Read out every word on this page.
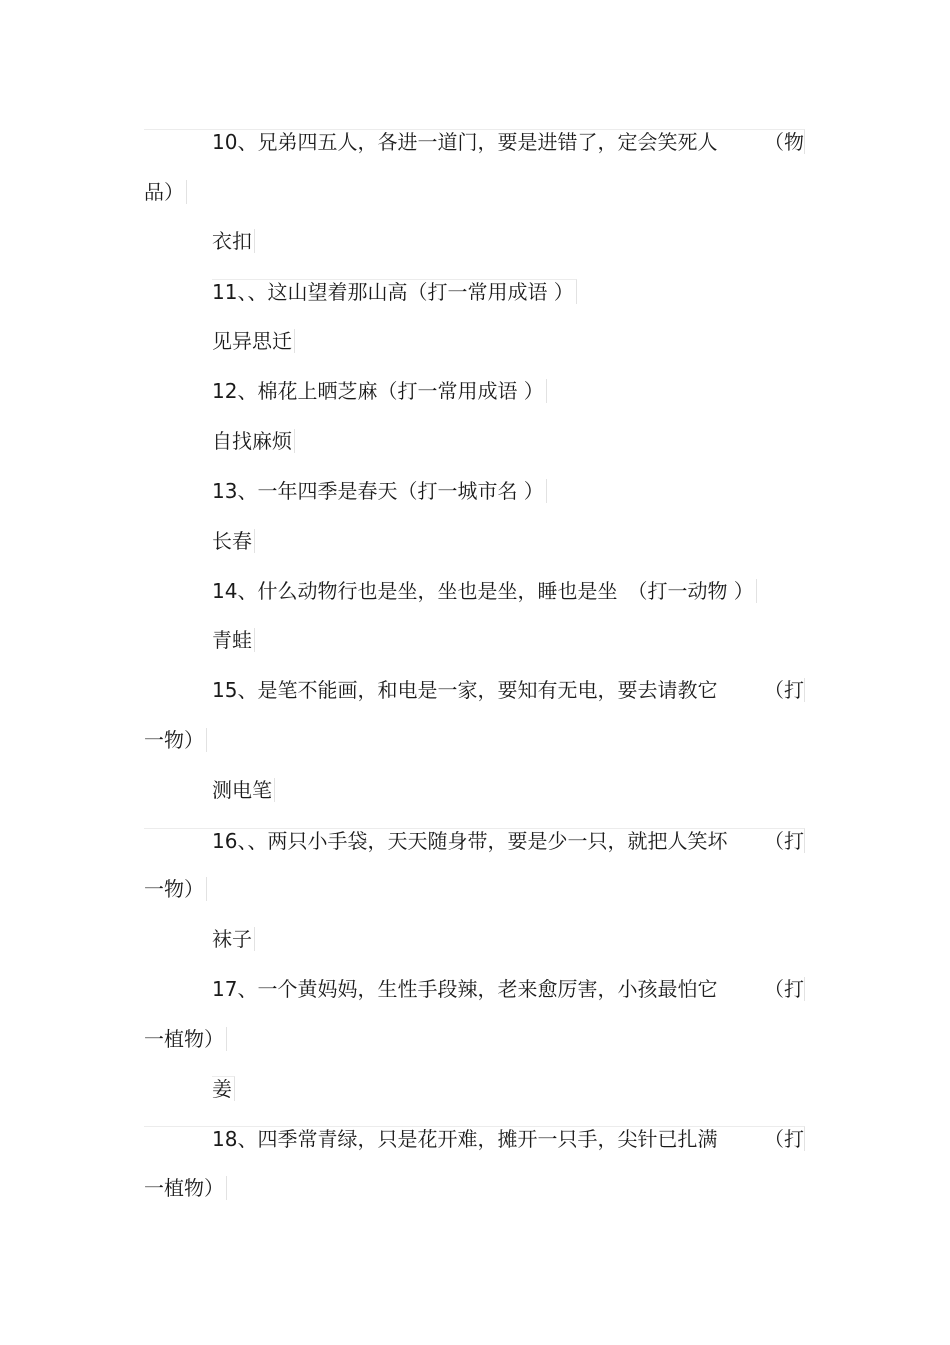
10、兄弟四五人，各进一道门，要是进错了，定会笑死人 （物
品）
衣扣
11、、这山望着那山高（打一常用成语 ）
见异思迁
12、棉花上晒芝麻（打一常用成语 ）
自找麻烦
13、一年四季是春天（打一城市名 ）
长春
14、什么动物行也是坐，坐也是坐，睡也是坐　（打一动物 ）
青蛙
15、是笔不能画，和电是一家，要知有无电，要去请教它 （打
一物）
测电笔
16、、两只小手袋，天天随身带，要是少一只，就把人笑坏 （打
一物）
袜子
17、一个黄妈妈，生性手段辣，老来愈厉害，小孩最怕它 （打
一植物）
姜
18、四季常青绿，只是花开难，摊开一只手，尖针已扎满 （打
一植物）
